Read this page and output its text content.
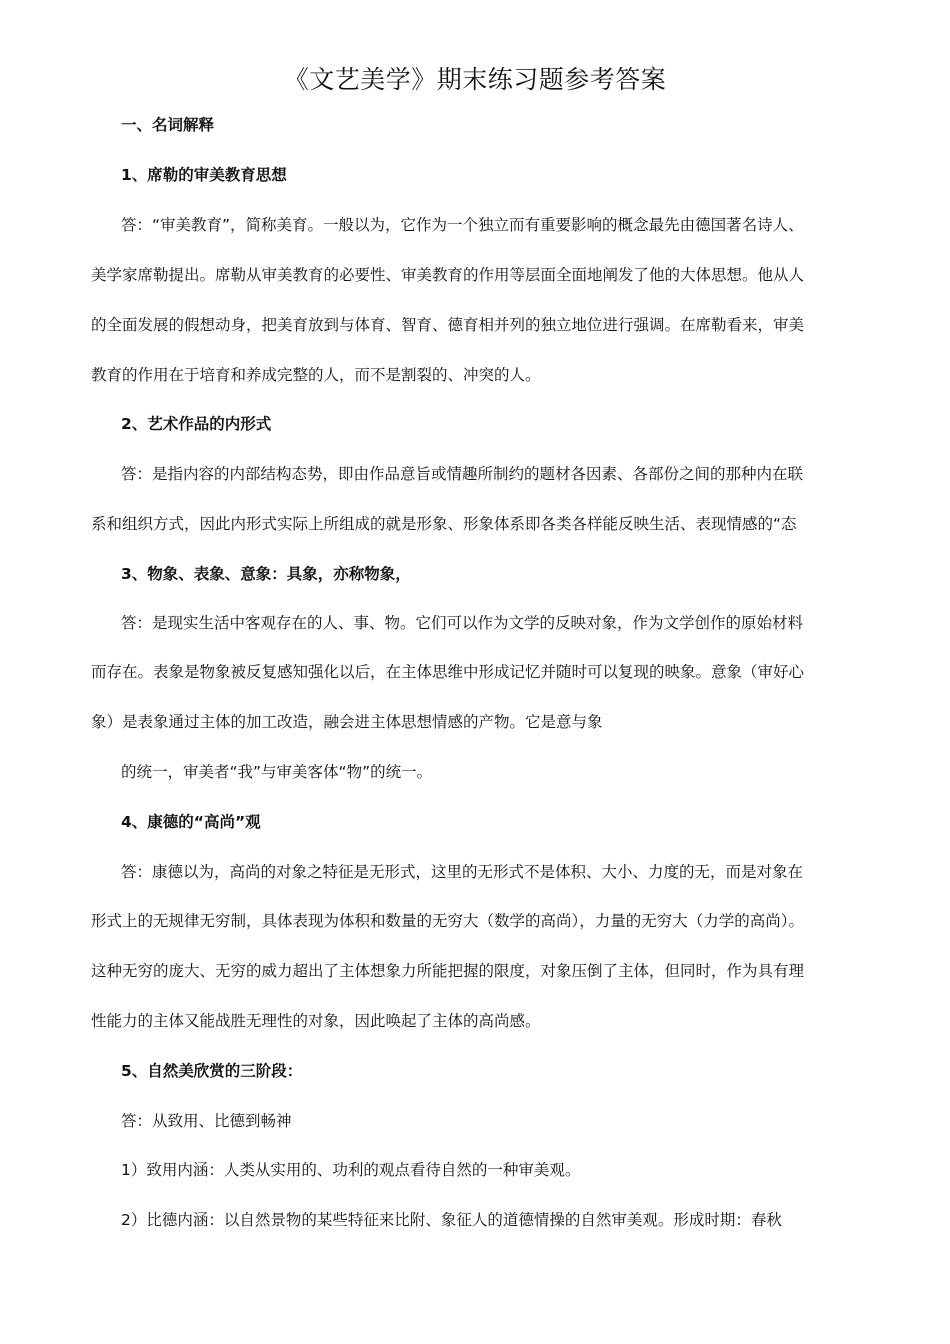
《文艺美学》期末练习题参考答案
一、名词解释
1、席勒的审美教育思想
答：“审美教育”，简称美育。一般以为，它作为一个独立而有重要影响的概念最先由德国著名诗人、
美学家席勒提出。席勒从审美教育的必要性、审美教育的作用等层面全面地阐发了他的大体思想。他从人
的全面发展的假想动身，把美育放到与体育、智育、德育相并列的独立地位进行强调。在席勒看来，审美
教育的作用在于培育和养成完整的人，而不是割裂的、冲突的人。
2、艺术作品的内形式
答：是指内容的内部结构态势，即由作品意旨或情趣所制约的题材各因素、各部份之间的那种内在联
系和组织方式，因此内形式实际上所组成的就是形象、形象体系即各类各样能反映生活、表现情感的“态
3、物象、表象、意象：具象，亦称物象，
答：是现实生活中客观存在的人、事、物。它们可以作为文学的反映对象，作为文学创作的原始材料
而存在。表象是物象被反复感知强化以后，在主体思维中形成记忆并随时可以复现的映象。意象（审好心
象）是表象通过主体的加工改造，融会进主体思想情感的产物。它是意与象
的统一，审美者“我”与审美客体“物”的统一。
4、康德的“高尚”观
答：康德以为，高尚的对象之特征是无形式，这里的无形式不是体积、大小、力度的无，而是对象在
形式上的无规律无穷制，具体表现为体积和数量的无穷大（数学的高尚），力量的无穷大（力学的高尚）。
这种无穷的庞大、无穷的威力超出了主体想象力所能把握的限度，对象压倒了主体，但同时，作为具有理
性能力的主体又能战胜无理性的对象，因此唤起了主体的高尚感。
5、自然美欣赏的三阶段：
答：从致用、比德到畅神
1）致用内涵：人类从实用的、功利的观点看待自然的一种审美观。
2）比德内涵：以自然景物的某些特征来比附、象征人的道德情操的自然审美观。形成时期：春秋
